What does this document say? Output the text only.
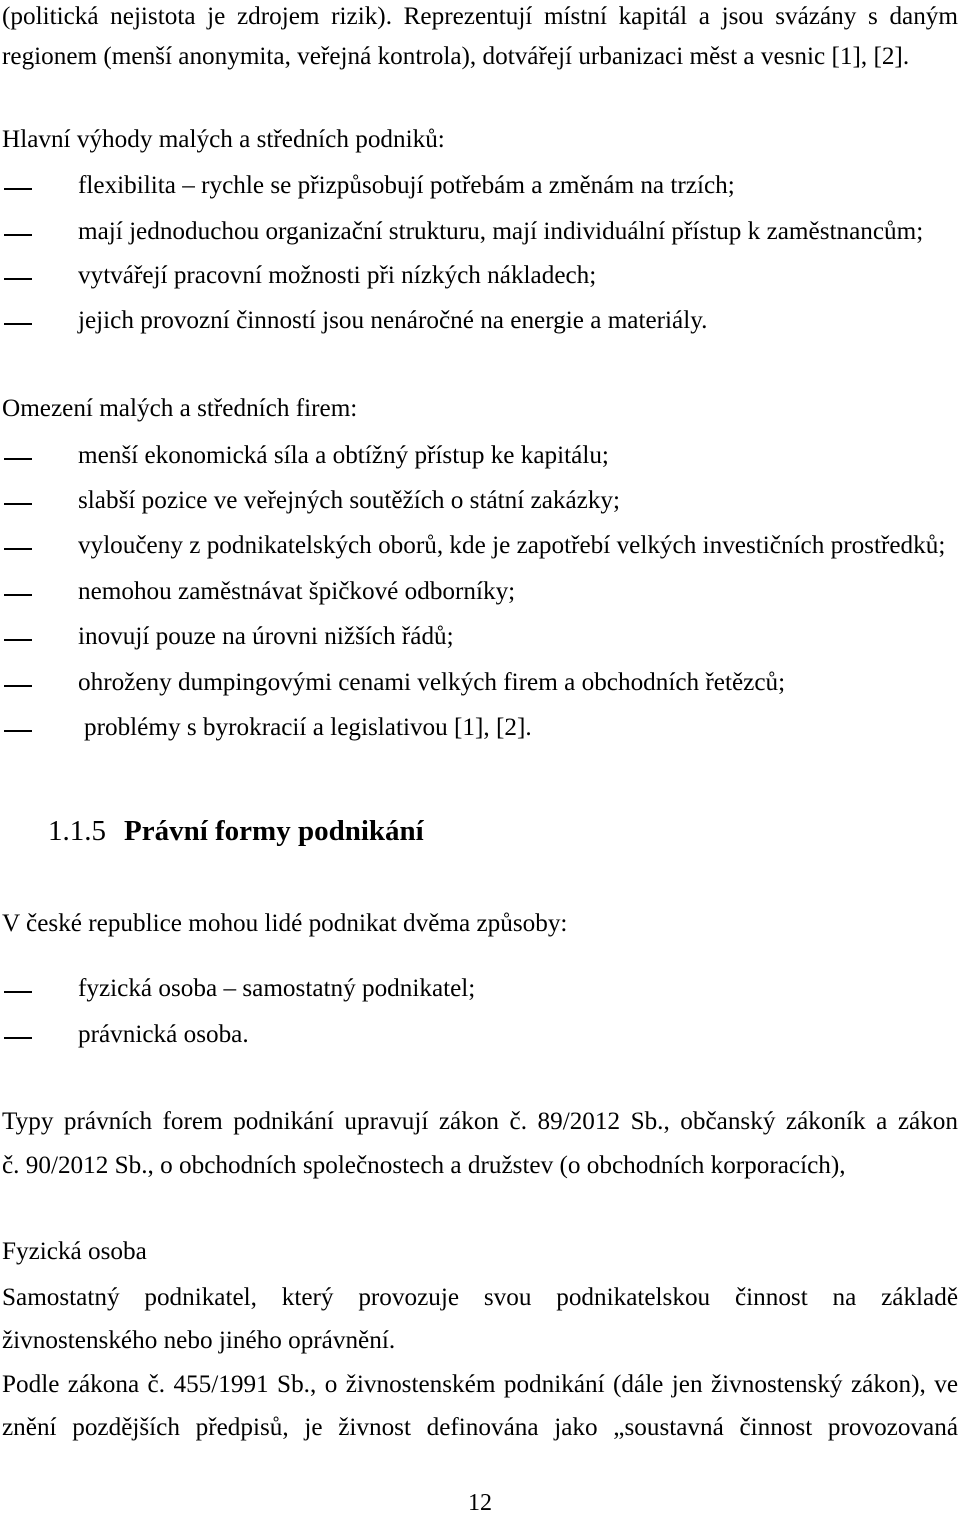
(politická nejistota je zdrojem rizik). Reprezentují místní kapitál a jsou svázány s daným
regionem (menší anonymita, veřejná kontrola), dotvářejí urbanizaci měst a vesnic [1], [2].
Hlavní výhody malých a středních podniků:
flexibilita – rychle se přizpůsobují potřebám a změnám na trzích;
mají jednoduchou organizační strukturu, mají individuální přístup k zaměstnancům;
vytvářejí pracovní možnosti při nízkých nákladech;
jejich provozní činností jsou nenáročné na energie a materiály.
Omezení malých a středních firem:
menší ekonomická síla a obtížný přístup ke kapitálu;
slabší pozice ve veřejných soutěžích o státní zakázky;
vyloučeny z podnikatelských oborů, kde je zapotřebí velkých investičních prostředků;
nemohou zaměstnávat špičkové odborníky;
inovují pouze na úrovni nižších řádů;
ohroženy dumpingovými cenami velkých firem a obchodních řetězců;
problémy s byrokracií a legislativou [1], [2].
1.1.5 Právní formy podnikání
V české republice mohou lidé podnikat dvěma způsoby:
fyzická osoba – samostatný podnikatel;
právnická osoba.
Typy právních forem podnikání upravují zákon č. 89/2012 Sb., občanský zákoník a zákon
č. 90/2012 Sb., o obchodních společnostech a družstev (o obchodních korporacích),
Fyzická osoba
Samostatný podnikatel, který provozuje svou podnikatelskou činnost na základě
živnostenského nebo jiného oprávnění.
Podle zákona č. 455/1991 Sb., o živnostenském podnikání (dále jen živnostenský zákon), ve
znění pozdějších předpisů, je živnost definována jako „soustavná činnost provozovaná
12
